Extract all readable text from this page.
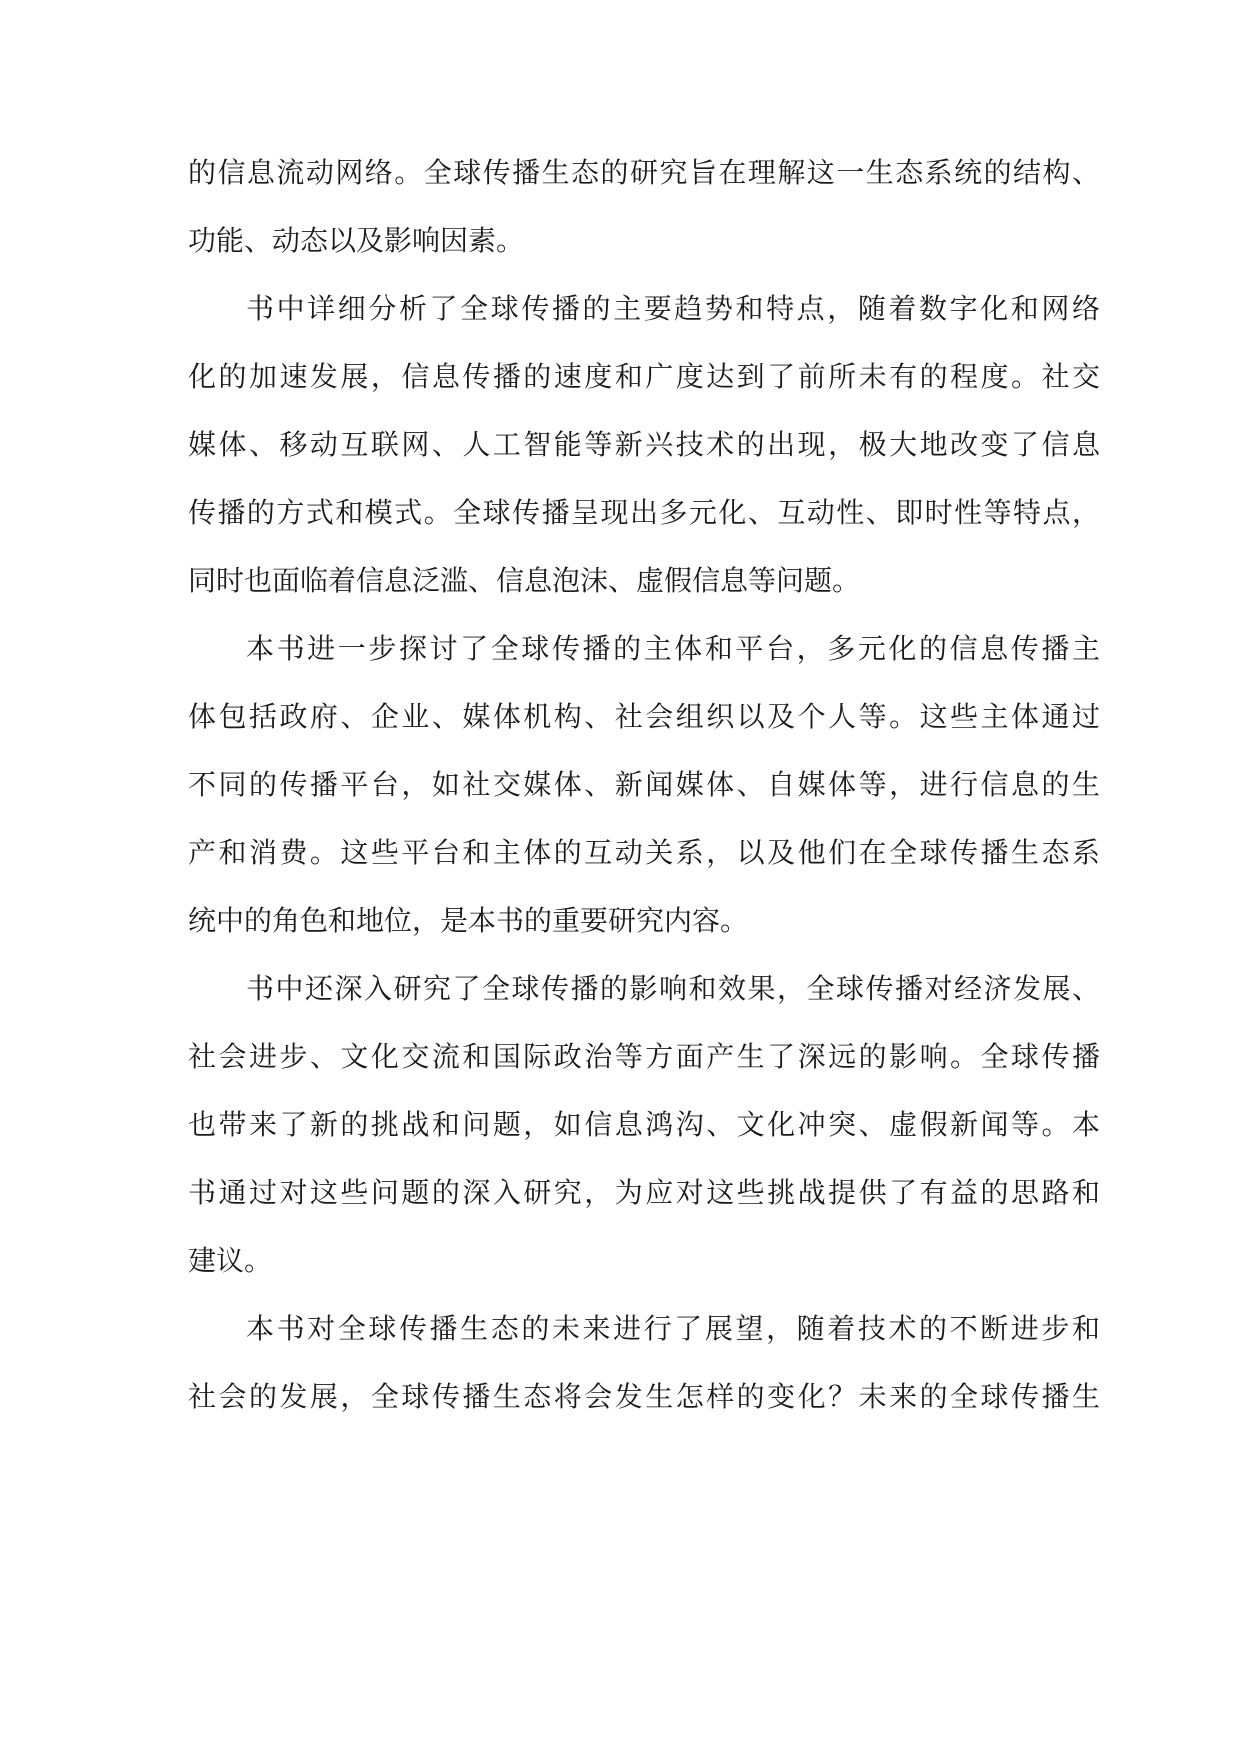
的信息流动网络。全球传播生态的研究旨在理解这一生态系统的结构、
功能、动态以及影响因素。
书中详细分析了全球传播的主要趋势和特点，随着数字化和网络
化的加速发展，信息传播的速度和广度达到了前所未有的程度。社交
媒体、移动互联网、人工智能等新兴技术的出现，极大地改变了信息
传播的方式和模式。全球传播呈现出多元化、互动性、即时性等特点，
同时也面临着信息泛滥、信息泡沫、虚假信息等问题。
本书进一步探讨了全球传播的主体和平台，多元化的信息传播主
体包括政府、企业、媒体机构、社会组织以及个人等。这些主体通过
不同的传播平台，如社交媒体、新闻媒体、自媒体等，进行信息的生
产和消费。这些平台和主体的互动关系，以及他们在全球传播生态系
统中的角色和地位，是本书的重要研究内容。
书中还深入研究了全球传播的影响和效果，全球传播对经济发展、
社会进步、文化交流和国际政治等方面产生了深远的影响。全球传播
也带来了新的挑战和问题，如信息鸿沟、文化冲突、虚假新闻等。本
书通过对这些问题的深入研究，为应对这些挑战提供了有益的思路和
建议。
本书对全球传播生态的未来进行了展望，随着技术的不断进步和
社会的发展，全球传播生态将会发生怎样的变化？未来的全球传播生
